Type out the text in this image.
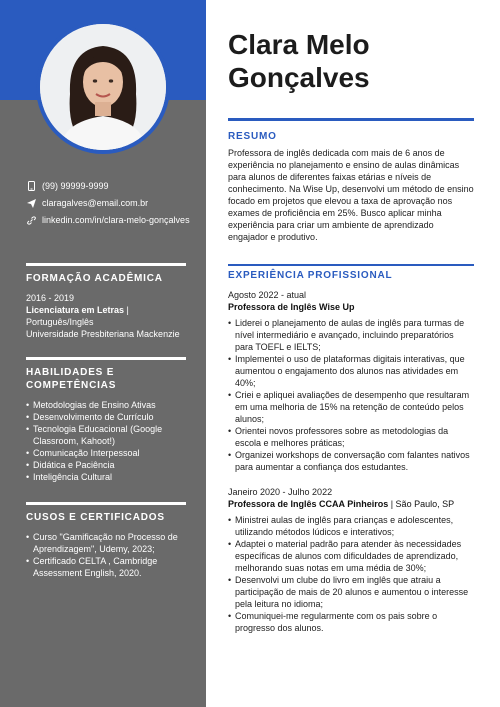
(99) 99999-9999
claragalves@email.com.br
linkedin.com/in/clara-melo-gonçalves
FORMAÇÃO ACADÊMICA
2016 - 2019
Licenciatura em Letras |
Português/Inglês
Universidade Presbiteriana Mackenzie
HABILIDADES E COMPETÊNCIAS
• Metodologias de Ensino Ativas
• Desenvolvimento de Currículo
• Tecnologia Educacional (Google Classroom, Kahoot!)
• Comunicação Interpessoal
• Didática e Paciência
• Inteligência Cultural
CUSOS E CERTIFICADOS
• Curso "Gamificação no Processo de Aprendizagem", Udemy, 2023;
• Certificado CELTA , Cambridge Assessment English, 2020.
Clara Melo
Gonçalves
RESUMO
Professora de inglês dedicada com mais de 6 anos de experiência no planejamento e ensino de aulas dinâmicas para alunos de diferentes faixas etárias e níveis de conhecimento. Na Wise Up, desenvolvi um método de ensino focado em projetos que elevou a taxa de aprovação nos exames de proficiência em 25%. Busco aplicar minha experiência para criar um ambiente de aprendizado engajador e produtivo.
EXPERIÊNCIA PROFISSIONAL
Agosto 2022 - atual
Professora de Inglês Wise Up
• Liderei o planejamento de aulas de inglês para turmas de nível intermediário e avançado, incluindo preparatórios para TOEFL e IELTS;
• Implementei o uso de plataformas digitais interativas, que aumentou o engajamento dos alunos nas atividades em 40%;
• Criei e apliquei avaliações de desempenho que resultaram em uma melhoria de 15% na retenção de conteúdo pelos alunos;
• Orientei novos professores sobre as metodologias da escola e melhores práticas;
• Organizei workshops de conversação com falantes nativos para aumentar a confiança dos estudantes.
Janeiro 2020 - Julho 2022
Professora de Inglês CCAA Pinheiros | São Paulo, SP
• Ministrei aulas de inglês para crianças e adolescentes, utilizando métodos lúdicos e interativos;
• Adaptei o material padrão para atender às necessidades específicas de alunos com dificuldades de aprendizado, melhorando suas notas em uma média de 30%;
• Desenvolvi um clube do livro em inglês que atraiu a participação de mais de 20 alunos e aumentou o interesse pela leitura no idioma;
• Comuniquei-me regularmente com os pais sobre o progresso dos alunos.
